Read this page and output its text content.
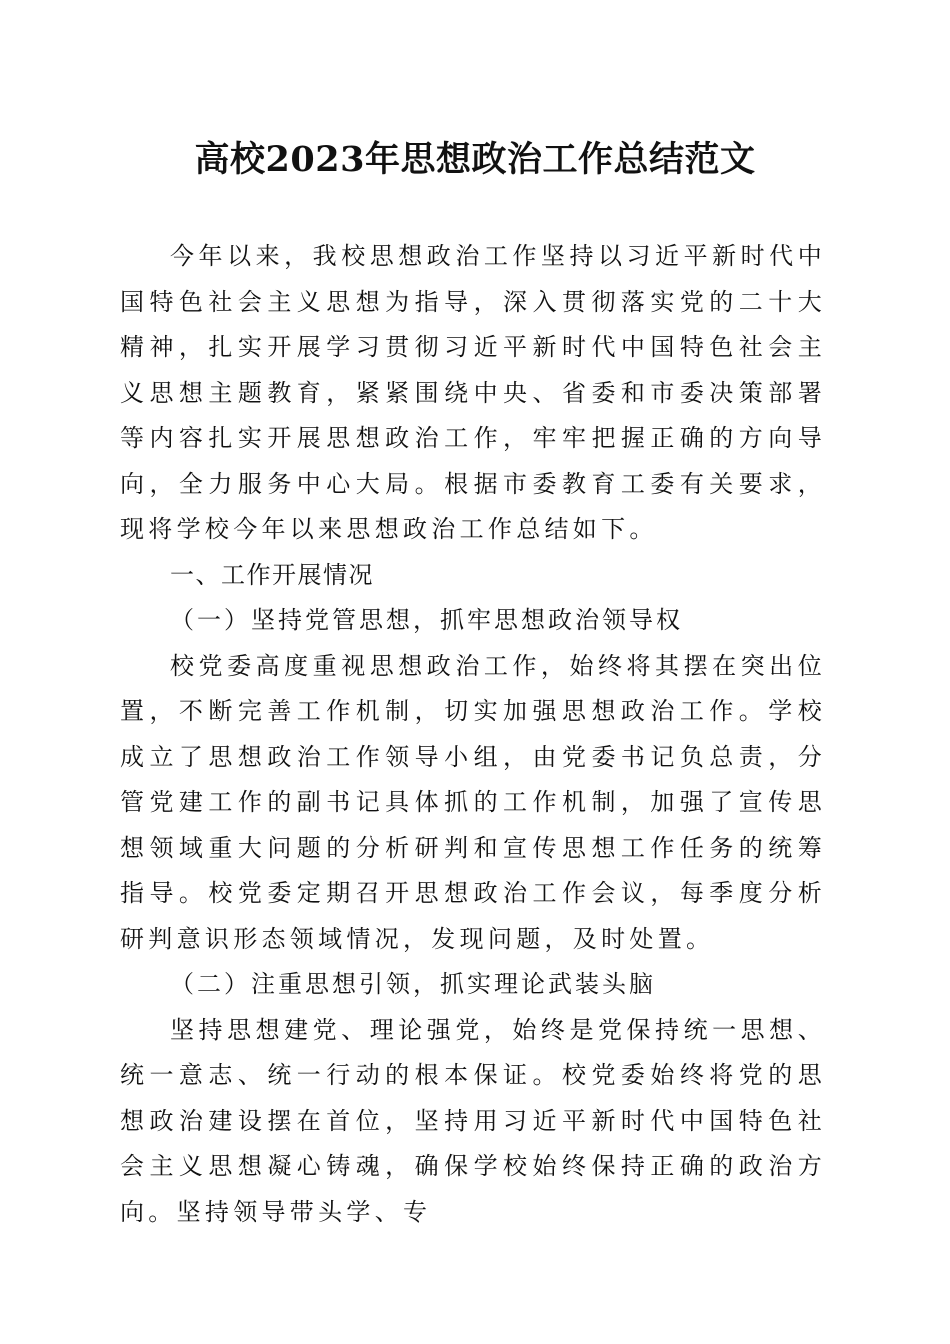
高校2023年思想政治工作总结范文

今年以来，我校思想政治工作坚持以习近平新时代中国特色社会主义思想为指导，深入贯彻落实党的二十大精神，扎实开展学习贯彻习近平新时代中国特色社会主义思想主题教育，紧紧围绕中央、省委和市委决策部署等内容扎实开展思想政治工作，牢牢把握正确的方向导向，全力服务中心大局。根据市委教育工委有关要求，现将学校今年以来思想政治工作总结如下。

一、工作开展情况

（一）坚持党管思想，抓牢思想政治领导权

校党委高度重视思想政治工作，始终将其摆在突出位置，不断完善工作机制，切实加强思想政治工作。学校成立了思想政治工作领导小组，由党委书记负总责，分管党建工作的副书记具体抓的工作机制，加强了宣传思想领域重大问题的分析研判和宣传思想工作任务的统筹指导。校党委定期召开思想政治工作会议，每季度分析研判意识形态领域情况，发现问题，及时处置。

（二）注重思想引领，抓实理论武装头脑

坚持思想建党、理论强党，始终是党保持统一思想、统一意志、统一行动的根本保证。校党委始终将党的思想政治建设摆在首位，坚持用习近平新时代中国特色社会主义思想凝心铸魂，确保学校始终保持正确的政治方向。坚持领导带头学、专
